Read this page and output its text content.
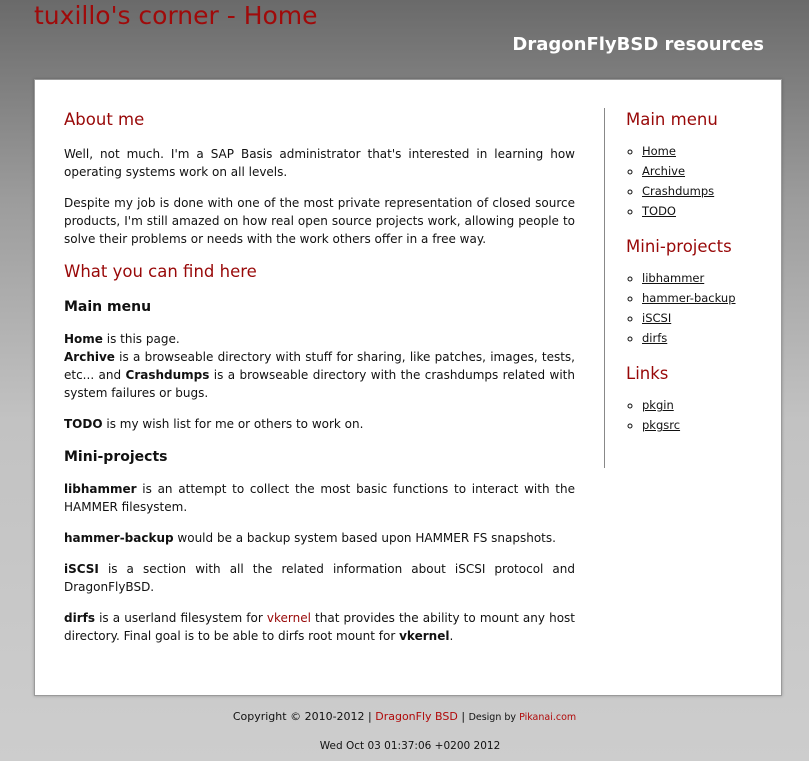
tuxillo's corner - Home
DragonFlyBSD resources
About me

Well, not much. I'm a SAP Basis administrator that's interested in learning how operating systems work on all levels.

Despite my job is done with one of the most private representation of closed source products, I'm still amazed on how real open source projects work, allowing people to solve their problems or needs with the work others offer in a free way.

What you can find here
Main menu

Home is this page.
Archive is a browseable directory with stuff for sharing, like patches, images, tests, etc... and Crashdumps is a browseable directory with the crashdumps related with system failures or bugs.

TODO is my wish list for me or others to work on.

Mini-projects

libhammer is an attempt to collect the most basic functions to interact with the HAMMER filesystem.

hammer-backup would be a backup system based upon HAMMER FS snapshots.

iSCSI is a section with all the related information about iSCSI protocol and DragonFlyBSD.

dirfs is a userland filesystem for vkernel that provides the ability to mount any host directory. Final goal is to be able to dirfs root mount for vkernel.

Main menu
◦ Home
◦ Archive
◦ Crashdumps
◦ TODO
Mini-projects
◦ libhammer
◦ hammer-backup
◦ iSCSI
◦ dirfs
Links
◦ pkgin
◦ pkgsrc
Copyright © 2010-2012 | DragonFly BSD | Design by Pikanai.com
Wed Oct 03 01:37:06 +0200 2012
